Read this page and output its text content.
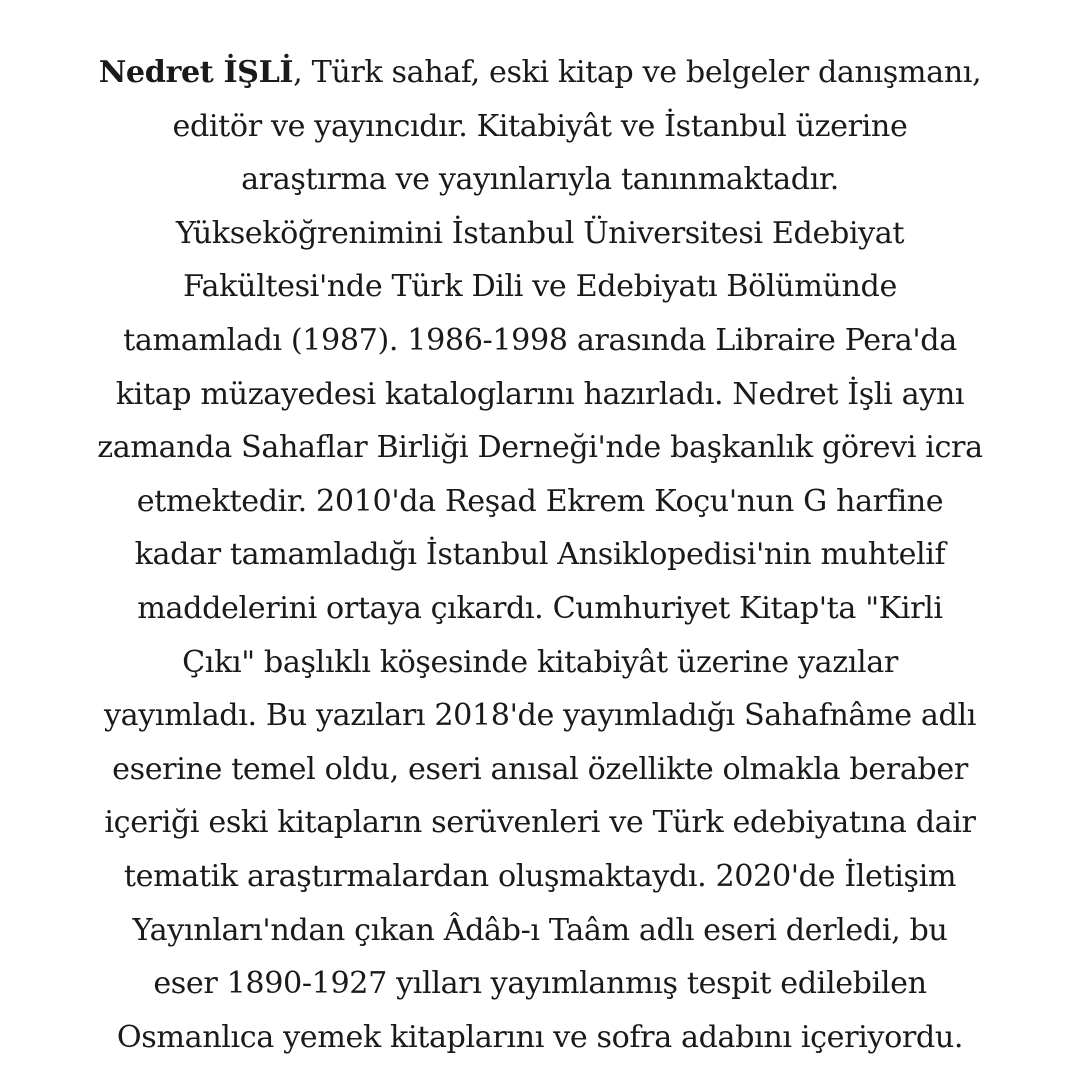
Nedret İŞLİ, Türk sahaf, eski kitap ve belgeler danışmanı,
editör ve yayıncıdır. Kitabiyât ve İstanbul üzerine
araştırma ve yayınlarıyla tanınmaktadır.
Yükseköğrenimini İstanbul Üniversitesi Edebiyat
Fakültesi'nde Türk Dili ve Edebiyatı Bölümünde
tamamladı (1987). 1986-1998 arasında Libraire Pera'da
kitap müzayedesi kataloglarını hazırladı. Nedret İşli aynı
zamanda Sahaflar Birliği Derneği'nde başkanlık görevi icra
etmektedir. 2010'da Reşad Ekrem Koçu'nun G harfine
kadar tamamladığı İstanbul Ansiklopedisi'nin muhtelif
maddelerini ortaya çıkardı. Cumhuriyet Kitap'ta "Kirli
Çıkı" başlıklı köşesinde kitabiyât üzerine yazılar
yayımladı. Bu yazıları 2018'de yayımladığı Sahafnâme adlı
eserine temel oldu, eseri anısal özellikte olmakla beraber
içeriği eski kitapların serüvenleri ve Türk edebiyatına dair
tematik araştırmalardan oluşmaktaydı. 2020'de İletişim
Yayınları'ndan çıkan Âdâb-ı Taâm adlı eseri derledi, bu
eser 1890-1927 yılları yayımlanmış tespit edilebilen
Osmanlıca yemek kitaplarını ve sofra adabını içeriyordu.
